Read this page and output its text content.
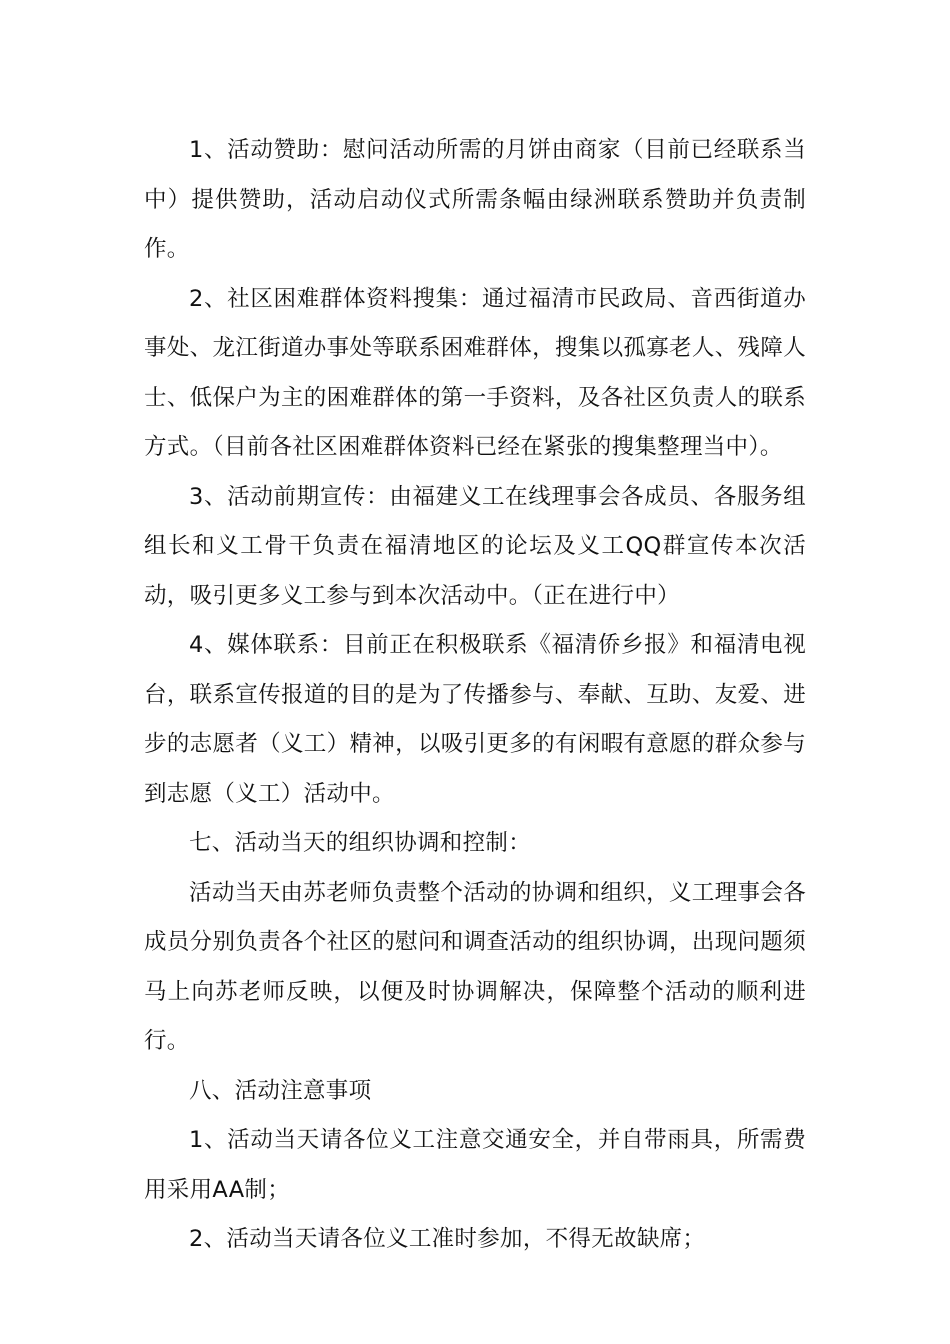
1、活动赞助：慰问活动所需的月饼由商家（目前已经联系当中）提供赞助，活动启动仪式所需条幅由绿洲联系赞助并负责制作。

2、社区困难群体资料搜集：通过福清市民政局、音西街道办事处、龙江街道办事处等联系困难群体，搜集以孤寡老人、残障人士、低保户为主的困难群体的第一手资料，及各社区负责人的联系方式。（目前各社区困难群体资料已经在紧张的搜集整理当中）。

3、活动前期宣传：由福建义工在线理事会各成员、各服务组组长和义工骨干负责在福清地区的论坛及义工QQ群宣传本次活动，吸引更多义工参与到本次活动中。（正在进行中）

4、媒体联系：目前正在积极联系《福清侨乡报》和福清电视台，联系宣传报道的目的是为了传播参与、奉献、互助、友爱、进步的志愿者（义工）精神，以吸引更多的有闲暇有意愿的群众参与到志愿（义工）活动中。

七、活动当天的组织协调和控制：

活动当天由苏老师负责整个活动的协调和组织，义工理事会各成员分别负责各个社区的慰问和调查活动的组织协调，出现问题须马上向苏老师反映，以便及时协调解决，保障整个活动的顺利进行。

八、活动注意事项

1、活动当天请各位义工注意交通安全，并自带雨具，所需费用采用AA制；

2、活动当天请各位义工准时参加，不得无故缺席；
